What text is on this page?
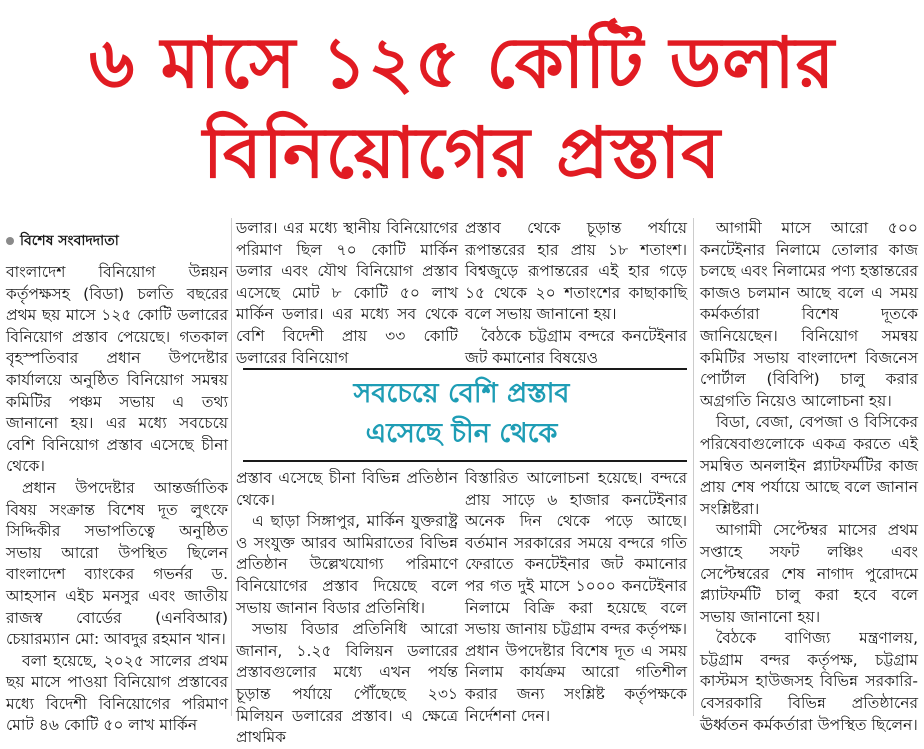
৬ মাসে ১২৫ কোটি ডলার
বিনিয়োগের প্রস্তাব
বিশেষ সংবাদদাতা

বাংলাদেশ বিনিয়োগ উন্নয়ন কর্তৃপক্ষসহ (বিডা) চলতি বছরের প্রথম ছয় মাসে ১২৫ কোটি ডলারের বিনিয়োগ প্রস্তাব পেয়েছে। গতকাল বৃহস্পতিবার প্রধান উপদেষ্টার কার্যালয়ে অনুষ্ঠিত বিনিয়োগ সমন্বয় কমিটির পঞ্চম সভায় এ তথ্য জানানো হয়। এর মধ্যে সবচেয়ে বেশি বিনিয়োগ প্রস্তাব এসেছে চীনা থেকে।

প্রধান উপদেষ্টার আন্তর্জাতিক বিষয় সংক্রান্ত বিশেষ দূত লুৎফে সিদ্দিকীর সভাপতিত্বে অনুষ্ঠিত সভায় আরো উপস্থিত ছিলেন বাংলাদেশ ব্যাংকের গভর্নর ড. আহসান এইচ মনসুর এবং জাতীয় রাজস্ব বোর্ডের (এনবিআর) চেয়ারম্যান মো: আবদুর রহমান খান।

বলা হয়েছে, ২০২৫ সালের প্রথম ছয় মাসে পাওয়া বিনিয়োগ প্রস্তাবের মধ্যে বিদেশী বিনিয়োগের পরিমাণ মোট ৪৬ কোটি ৫০ লাখ মার্কিন

ডলার। এর মধ্যে স্থানীয় বিনিয়োগের পরিমাণ ছিল ৭০ কোটি মার্কিন ডলার এবং যৌথ বিনিয়োগ প্রস্তাব এসেছে মোট ৮ কোটি ৫০ লাখ মার্কিন ডলার। এর মধ্যে সব থেকে বেশি বিদেশী প্রায় ৩৩ কোটি ডলারের বিনিয়োগ

প্রস্তাব থেকে চূড়ান্ত পর্যায়ে রূপান্তরের হার প্রায় ১৮ শতাংশ। বিশ্বজুড়ে রূপান্তরের এই হার গড়ে ১৫ থেকে ২০ শতাংশের কাছাকাছি বলে সভায় জানানো হয়।

বৈঠকে চট্টগ্রাম বন্দরে কনটেইনার জট কমানোর বিষয়েও

সবচেয়ে বেশি প্রস্তাব
এসেছে চীন থেকে

প্রস্তাব এসেছে চীনা বিভিন্ন প্রতিষ্ঠান থেকে।

এ ছাড়া সিঙ্গাপুর, মার্কিন যুক্তরাষ্ট্র ও সংযুক্ত আরব আমিরাতের বিভিন্ন প্রতিষ্ঠান উল্লেখযোগ্য পরিমাণে বিনিয়োগের প্রস্তাব দিয়েছে বলে সভায় জানান বিডার প্রতিনিধি।

সভায় বিডার প্রতিনিধি আরো জানান, ১.২৫ বিলিয়ন ডলারের প্রস্তাবগুলোর মধ্যে এখন পর্যন্ত চূড়ান্ত পর্যায়ে পৌঁছেছে ২৩১ মিলিয়ন ডলারের প্রস্তাব। এ ক্ষেত্রে প্রাথমিক

বিস্তারিত আলোচনা হয়েছে। বন্দরে প্রায় সাড়ে ৬ হাজার কনটেইনার অনেক দিন থেকে পড়ে আছে। বর্তমান সরকারের সময়ে বন্দরে গতি ফেরাতে কনটেইনার জট কমানোর পর গত দুই মাসে ১০০০ কনটেইনার নিলামে বিক্রি করা হয়েছে বলে সভায় জানায় চট্টগ্রাম বন্দর কর্তৃপক্ষ। প্রধান উপদেষ্টার বিশেষ দূত এ সময় নিলাম কার্যক্রম আরো গতিশীল করার জন্য সংশ্লিষ্ট কর্তৃপক্ষকে নির্দেশনা দেন।

আগামী মাসে আরো ৫০০ কনটেইনার নিলামে তোলার কাজ চলছে এবং নিলামের পণ্য হস্তান্তরের কাজও চলমান আছে বলে এ সময় কর্মকর্তারা বিশেষ দূতকে জানিয়েছেন। বিনিয়োগ সমন্বয় কমিটির সভায় বাংলাদেশ বিজনেস পোর্টাল (বিবিপি) চালু করার অগ্রগতি নিয়েও আলোচনা হয়।

বিডা, বেজা, বেপজা ও বিসিকের পরিষেবাগুলোকে একত্র করতে এই সমন্বিত অনলাইন প্ল্যাটফর্মটির কাজ প্রায় শেষ পর্যায়ে আছে বলে জানান সংশ্লিষ্টরা।

আগামী সেপ্টেম্বর মাসের প্রথম সপ্তাহে সফট লঞ্চিং এবং সেপ্টেম্বরের শেষ নাগাদ পুরোদমে প্ল্যাটফর্মটি চালু করা হবে বলে সভায় জানানো হয়।

বৈঠকে বাণিজ্য মন্ত্রণালয়, চট্টগ্রাম বন্দর কর্তৃপক্ষ, চট্টগ্রাম কাস্টমস হাউজসহ বিভিন্ন সরকারি-বেসরকারি বিভিন্ন প্রতিষ্ঠানের ঊর্ধ্বতন কর্মকর্তারা উপস্থিত ছিলেন।
